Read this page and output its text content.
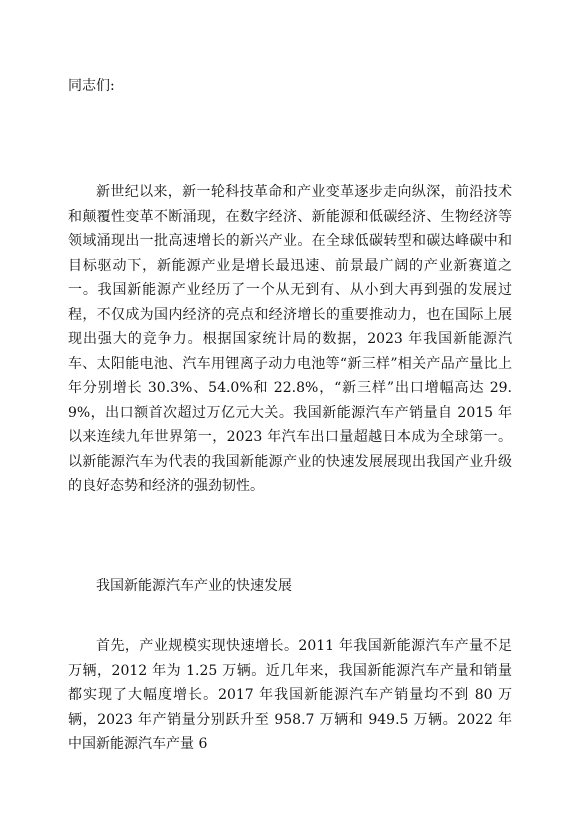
同志们:

新世纪以来，新一轮科技革命和产业变革逐步走向纵深，前沿技术和颠覆性变革不断涌现，在数字经济、新能源和低碳经济、生物经济等领域涌现出一批高速增长的新兴产业。在全球低碳转型和碳达峰碳中和目标驱动下，新能源产业是增长最迅速、前景最广阔的产业新赛道之一。我国新能源产业经历了一个从无到有、从小到大再到强的发展过程，不仅成为国内经济的亮点和经济增长的重要推动力，也在国际上展现出强大的竞争力。根据国家统计局的数据，2023 年我国新能源汽车、太阳能电池、汽车用锂离子动力电池等“新三样”相关产品产量比上年分别增长 30.3%、54.0%和 22.8%，“新三样”出口增幅高达 29.9%，出口额首次超过万亿元大关。我国新能源汽车产销量自 2015 年以来连续九年世界第一，2023 年汽车出口量超越日本成为全球第一。以新能源汽车为代表的我国新能源产业的快速发展展现出我国产业升级的良好态势和经济的强劲韧性。

我国新能源汽车产业的快速发展

首先，产业规模实现快速增长。2011 年我国新能源汽车产量不足万辆，2012 年为 1.25 万辆。近几年来，我国新能源汽车产量和销量都实现了大幅度增长。2017 年我国新能源汽车产销量均不到 80 万辆，2023 年产销量分别跃升至 958.7 万辆和 949.5 万辆。2022 年中国新能源汽车产量 6
